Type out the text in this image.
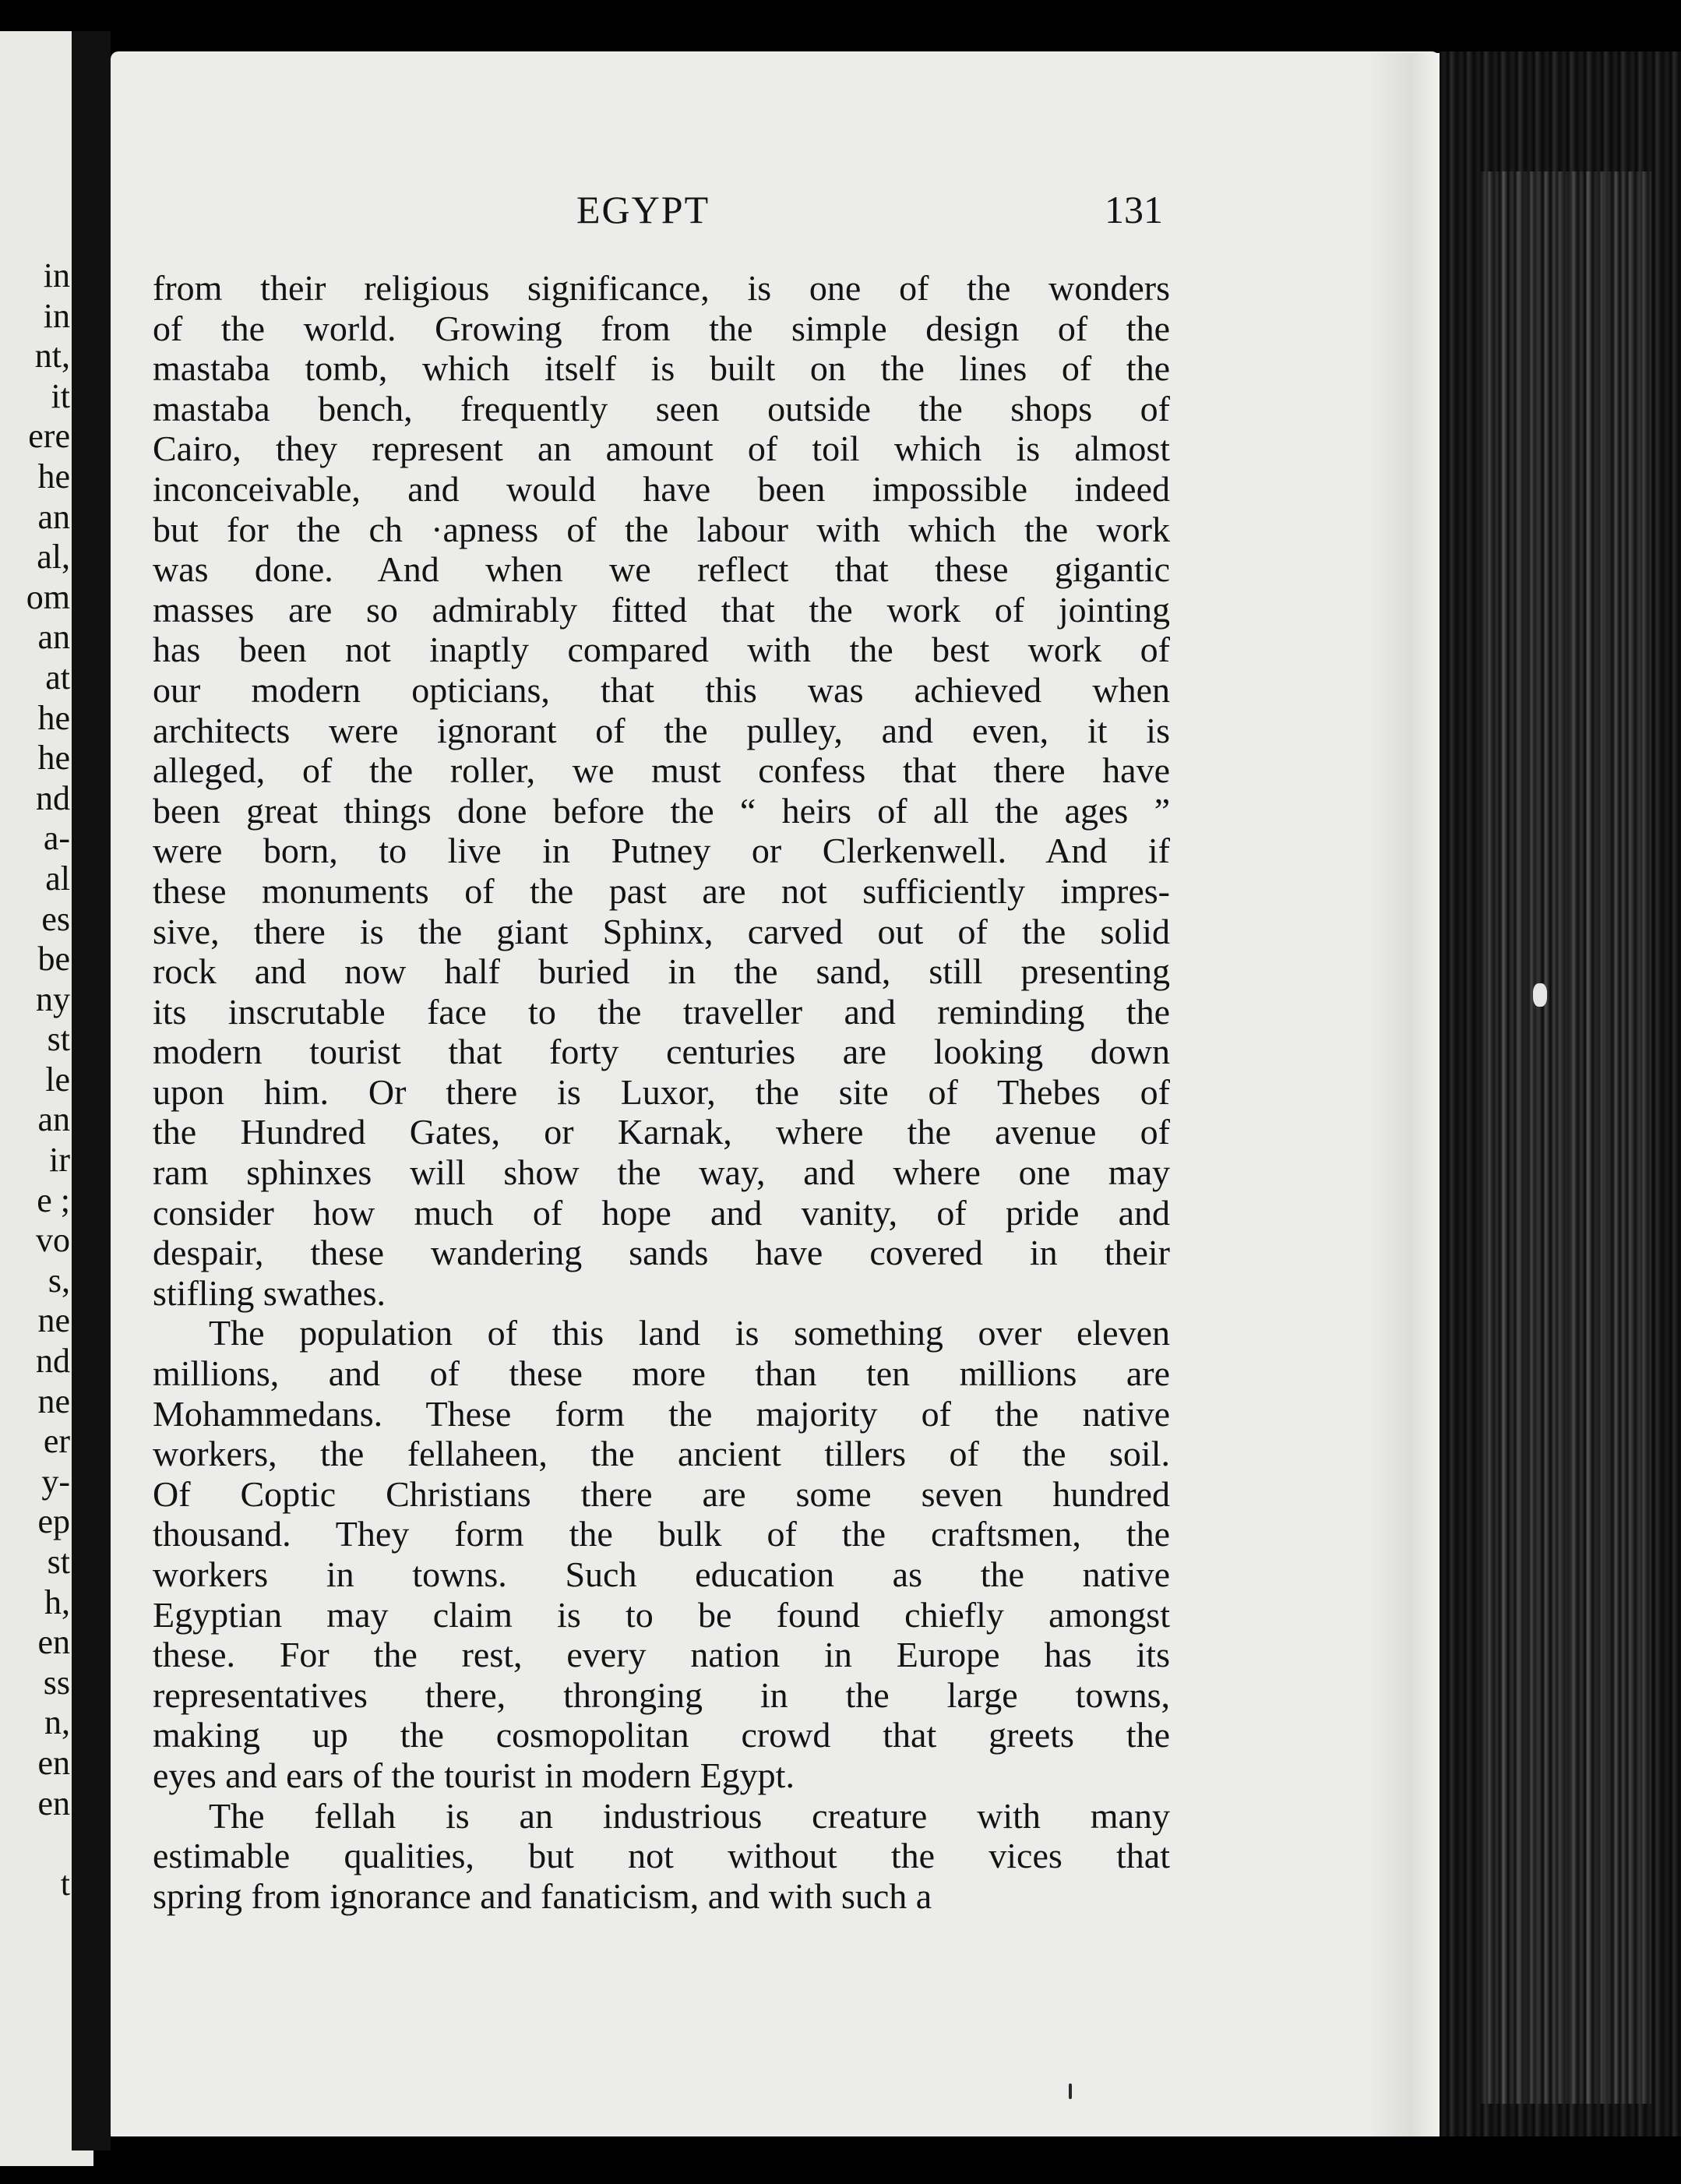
in
in
nt,
it
ere
he
an
al,
om
an
at
he
he
nd
a-
al
es
be
ny
st
le
an
ir
e ;
vo
s,
ne
nd
ne
er
y-
ep
st
h,
en
ss
n,
en
en
t
EGYPT	131
from their religious significance, is one of the wonders
of the world. Growing from the simple design of the
mastaba tomb, which itself is built on the lines of the
mastaba bench, frequently seen outside the shops of
Cairo, they represent an amount of toil which is almost
inconceivable, and would have been impossible indeed
but for the ch ·apness of the labour with which the work
was done. And when we reflect that these gigantic
masses are so admirably fitted that the work of jointing
has been not inaptly compared with the best work of
our modern opticians, that this was achieved when
architects were ignorant of the pulley, and even, it is
alleged, of the roller, we must confess that there have
been great things done before the “ heirs of all the ages ”
were born, to live in Putney or Clerkenwell. And if
these monuments of the past are not sufficiently impres-
sive, there is the giant Sphinx, carved out of the solid
rock and now half buried in the sand, still presenting
its inscrutable face to the traveller and reminding the
modern tourist that forty centuries are looking down
upon him. Or there is Luxor, the site of Thebes of
the Hundred Gates, or Karnak, where the avenue of
ram sphinxes will show the way, and where one may
consider how much of hope and vanity, of pride and
despair, these wandering sands have covered in their
stifling swathes.
The population of this land is something over eleven
millions, and of these more than ten millions are
Mohammedans. These form the majority of the native
workers, the fellaheen, the ancient tillers of the soil.
Of Coptic Christians there are some seven hundred
thousand. They form the bulk of the craftsmen, the
workers in towns. Such education as the native
Egyptian may claim is to be found chiefly amongst
these. For the rest, every nation in Europe has its
representatives there, thronging in the large towns,
making up the cosmopolitan crowd that greets the
eyes and ears of the tourist in modern Egypt.
The fellah is an industrious creature with many
estimable qualities, but not without the vices that
spring from ignorance and fanaticism, and with such a
